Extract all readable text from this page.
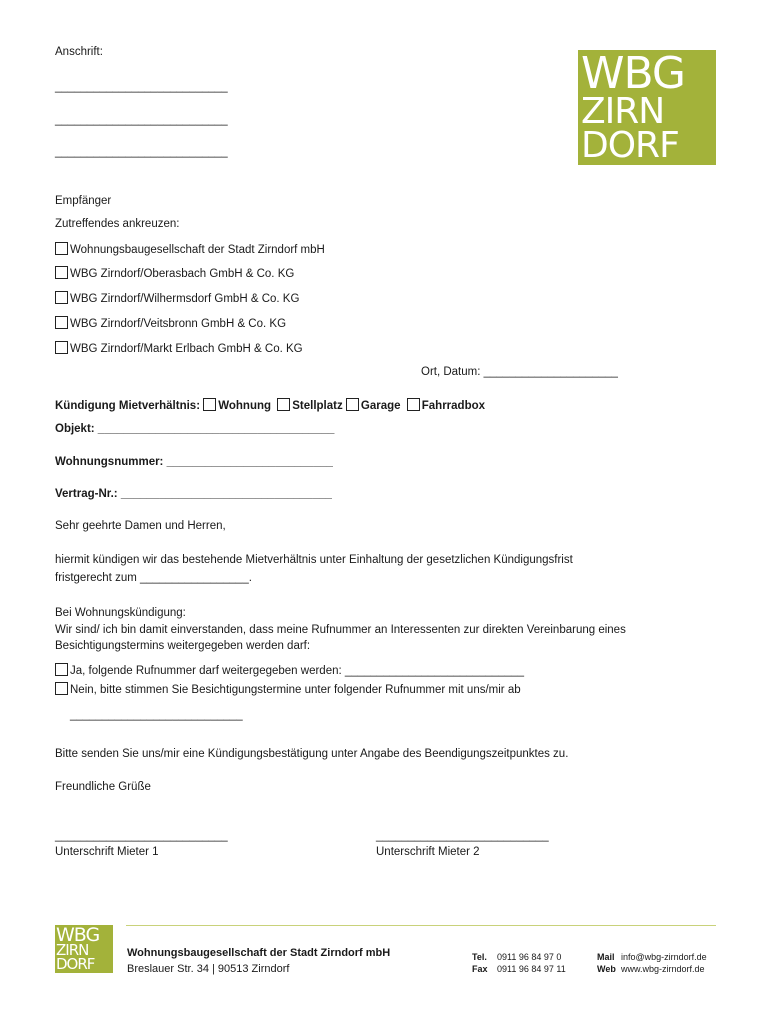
Anschrift:
___________________________
___________________________
___________________________
WBG
ZIRN
DORF
Empfänger
Zutreffendes ankreuzen:
Wohnungsbaugesellschaft der Stadt Zirndorf mbH
WBG Zirndorf/Oberasbach GmbH & Co. KG
WBG Zirndorf/Wilhermsdorf GmbH & Co. KG
WBG Zirndorf/Veitsbronn GmbH & Co. KG
WBG Zirndorf/Markt Erlbach GmbH & Co. KG
Ort, Datum: _____________________
Kündigung Mietverhältnis: Wohnung Stellplatz Garage Fahrradbox
Objekt: _____________________________________
Wohnungsnummer: __________________________
Vertrag-Nr.: _________________________________
Sehr geehrte Damen und Herren,
hiermit kündigen wir das bestehende Mietverhältnis unter Einhaltung der gesetzlichen Kündigungsfrist
fristgerecht zum _________________.
Bei Wohnungskündigung:
Wir sind/ ich bin damit einverstanden, dass meine Rufnummer an Interessenten zur direkten Vereinbarung eines
Besichtigungstermins weitergegeben werden darf:
Ja, folgende Rufnummer darf weitergegeben werden: ____________________________
Nein, bitte stimmen Sie Besichtigungstermine unter folgender Rufnummer mit uns/mir ab
___________________________
Bitte senden Sie uns/mir eine Kündigungsbestätigung unter Angabe des Beendigungszeitpunktes zu.
Freundliche Grüße
___________________________
Unterschrift Mieter 1
___________________________
Unterschrift Mieter 2
WBG
ZIRN
DORF
Wohnungsbaugesellschaft der Stadt Zirndorf mbH
Breslauer Str. 34 | 90513 Zirndorf
Tel. 0911 96 84 97 0
Fax 0911 96 84 97 11
Mail info@wbg-zirndorf.de
Web www.wbg-zirndorf.de
